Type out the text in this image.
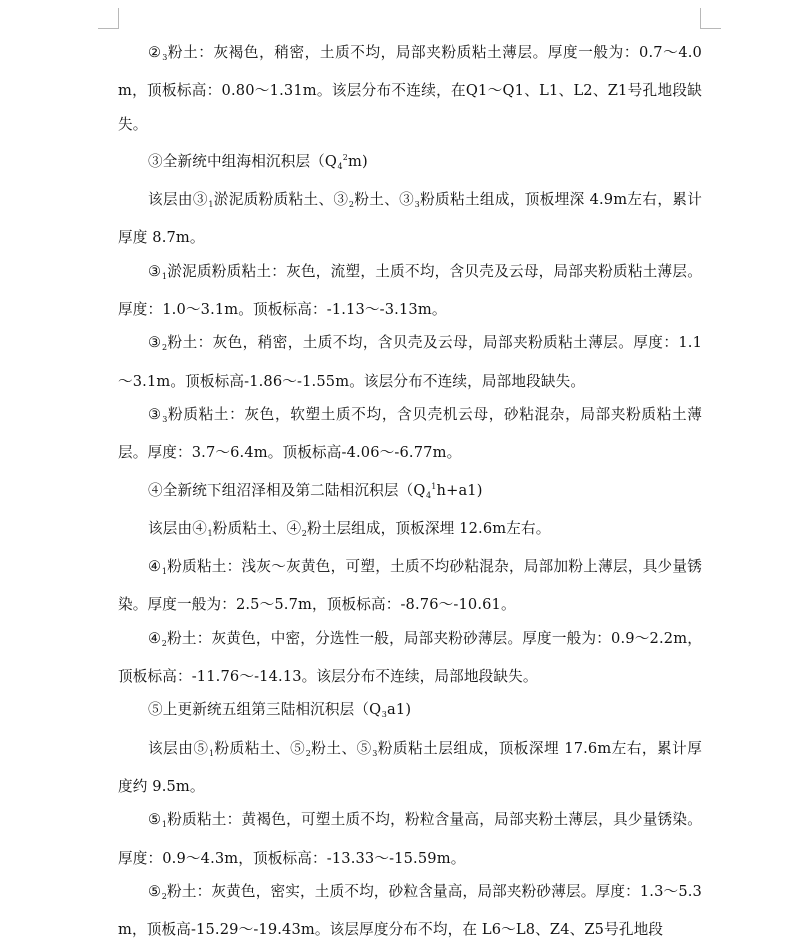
$②_3$粉土：灰褐色，稍密，土质不均，局部夹粉质粘土薄层。厚度一般为：0.7～4.0m，顶板标高：0.80～1.31m。该层分布不连续，在Q1～Q1、L1、L2、Z1号孔地段缺失。

③全新统中组海相沉积层$(Q_4^2m)$

该层由$③_1$淤泥质粉质粘土、$③_2$粉土、$③_3$粉质粘土组成，顶板埋深 4.9m左右，累计厚度 8.7m。

$③_1$淤泥质粉质粘土：灰色，流塑，土质不均，含贝壳及云母，局部夹粉质粘土薄层。厚度：1.0～3.1m。顶板标高：-1.13～-3.13m。

$③_2$粉土：灰色，稍密，土质不均，含贝壳及云母，局部夹粉质粘土薄层。厚度：1.1～3.1m。顶板标高-1.86～-1.55m。该层分布不连续，局部地段缺失。

$③_3$粉质粘土：灰色，软塑土质不均，含贝壳机云母，砂粘混杂，局部夹粉质粘土薄层。厚度：3.7～6.4m。顶板标高-4.06～-6.77m。

④全新统下组沼泽相及第二陆相沉积层$(Q_4^1h+a1)$

该层由$④_1$粉质粘土、$④_2$粉土层组成，顶板深埋 12.6m左右。

$④_1$粉质粘土：浅灰～灰黄色，可塑，土质不均砂粘混杂，局部加粉上薄层，具少量锈染。厚度一般为：2.5～5.7m，顶板标高：-8.76～-10.61。

$④_2$粉土：灰黄色，中密，分选性一般，局部夹粉砂薄层。厚度一般为：0.9～2.2m，顶板标高：-11.76～-14.13。该层分布不连续，局部地段缺失。

⑤上更新统五组第三陆相沉积层$(Q_3a1)$

该层由$⑤_1$粉质粘土、$⑤_2$粉土、$⑤_3$粉质粘土层组成，顶板深埋 17.6m左右，累计厚度约 9.5m。

$⑤_1$粉质粘土：黄褐色，可塑土质不均，粉粒含量高，局部夹粉土薄层，具少量锈染。厚度：0.9～4.3m，顶板标高：-13.33～-15.59m。

$⑤_2$粉土：灰黄色，密实，土质不均，砂粒含量高，局部夹粉砂薄层。厚度：1.3～5.3m，顶板高-15.29～-19.43m。该层厚度分布不均，在 L6～L8、Z4、Z5号孔地段
